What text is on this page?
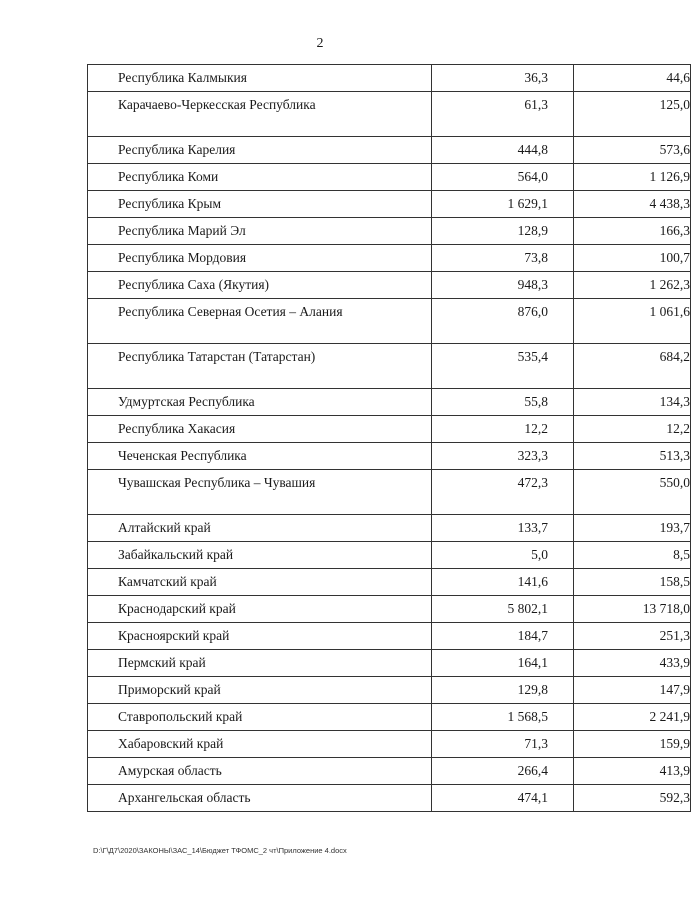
2
Республика Калмыкия	36,3	44,6
Карачаево-Черкесская Республика	61,3	125,0
Республика Карелия	444,8	573,6
Республика Коми	564,0	1 126,9
Республика Крым	1 629,1	4 438,3
Республика Марий Эл	128,9	166,3
Республика Мордовия	73,8	100,7
Республика Саха (Якутия)	948,3	1 262,3
Республика Северная Осетия – Алания	876,0	1 061,6
Республика Татарстан (Татарстан)	535,4	684,2
Удмуртская Республика	55,8	134,3
Республика Хакасия	12,2	12,2
Чеченская Республика	323,3	513,3
Чувашская Республика – Чувашия	472,3	550,0
Алтайский край	133,7	193,7
Забайкальский край	5,0	8,5
Камчатский край	141,6	158,5
Краснодарский край	5 802,1	13 718,0
Красноярский край	184,7	251,3
Пермский край	164,1	433,9
Приморский край	129,8	147,9
Ставропольский край	1 568,5	2 241,9
Хабаровский край	71,3	159,9
Амурская область	266,4	413,9
Архангельская область	474,1	592,3
D:\Г\Д7\2020\ЗАКОНЫ\ЗАС_14\Бюджет ТФОМС_2 чт\Приложение 4.docx
